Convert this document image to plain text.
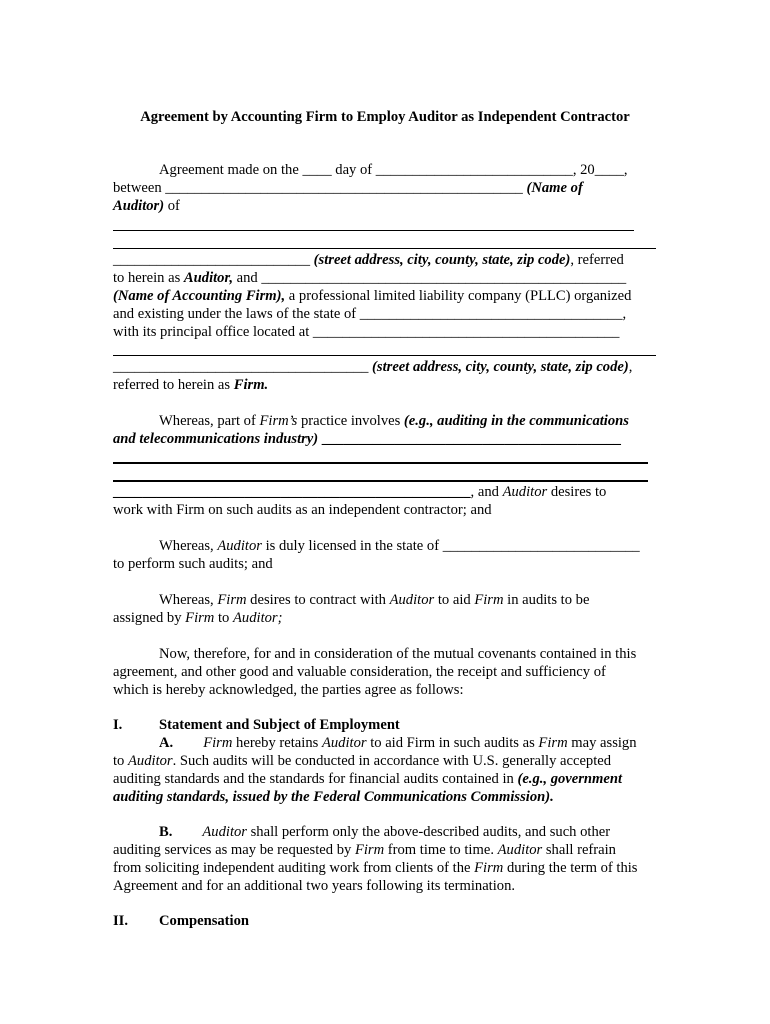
Agreement by Accounting Firm to Employ Auditor as Independent Contractor
Agreement made on the ____ day of ___________________________, 20____,
between _________________________________________________ (Name of
Auditor) of
___________________________ (street address, city, county, state, zip code), referred
to herein as Auditor, and __________________________________________________
(Name of Accounting Firm), a professional limited liability company (PLLC) organized
and existing under the laws of the state of ____________________________________,
with its principal office located at __________________________________________
___________________________________ (street address, city, county, state, zip code),
referred to herein as Firm.
Whereas, part of Firm’s practice involves (e.g., auditing in the communications
and telecommunications industry) _________________________________________
_________________________________________________, and Auditor desires to
work with Firm on such audits as an independent contractor; and
Whereas, Auditor is duly licensed in the state of ___________________________
to perform such audits; and
Whereas, Firm desires to contract with Auditor to aid Firm in audits to be
assigned by Firm to Auditor;
Now, therefore, for and in consideration of the mutual covenants contained in this
agreement, and other good and valuable consideration, the receipt and sufficiency of
which is hereby acknowledged, the parties agree as follows:
I.	Statement and Subject of Employment
A. Firm hereby retains Auditor to aid Firm in such audits as Firm may assign
to Auditor. Such audits will be conducted in accordance with U.S. generally accepted
auditing standards and the standards for financial audits contained in (e.g., government
auditing standards, issued by the Federal Communications Commission).
B. Auditor shall perform only the above-described audits, and such other
auditing services as may be requested by Firm from time to time. Auditor shall refrain
from soliciting independent auditing work from clients of the Firm during the term of this
Agreement and for an additional two years following its termination.
II. Compensation
